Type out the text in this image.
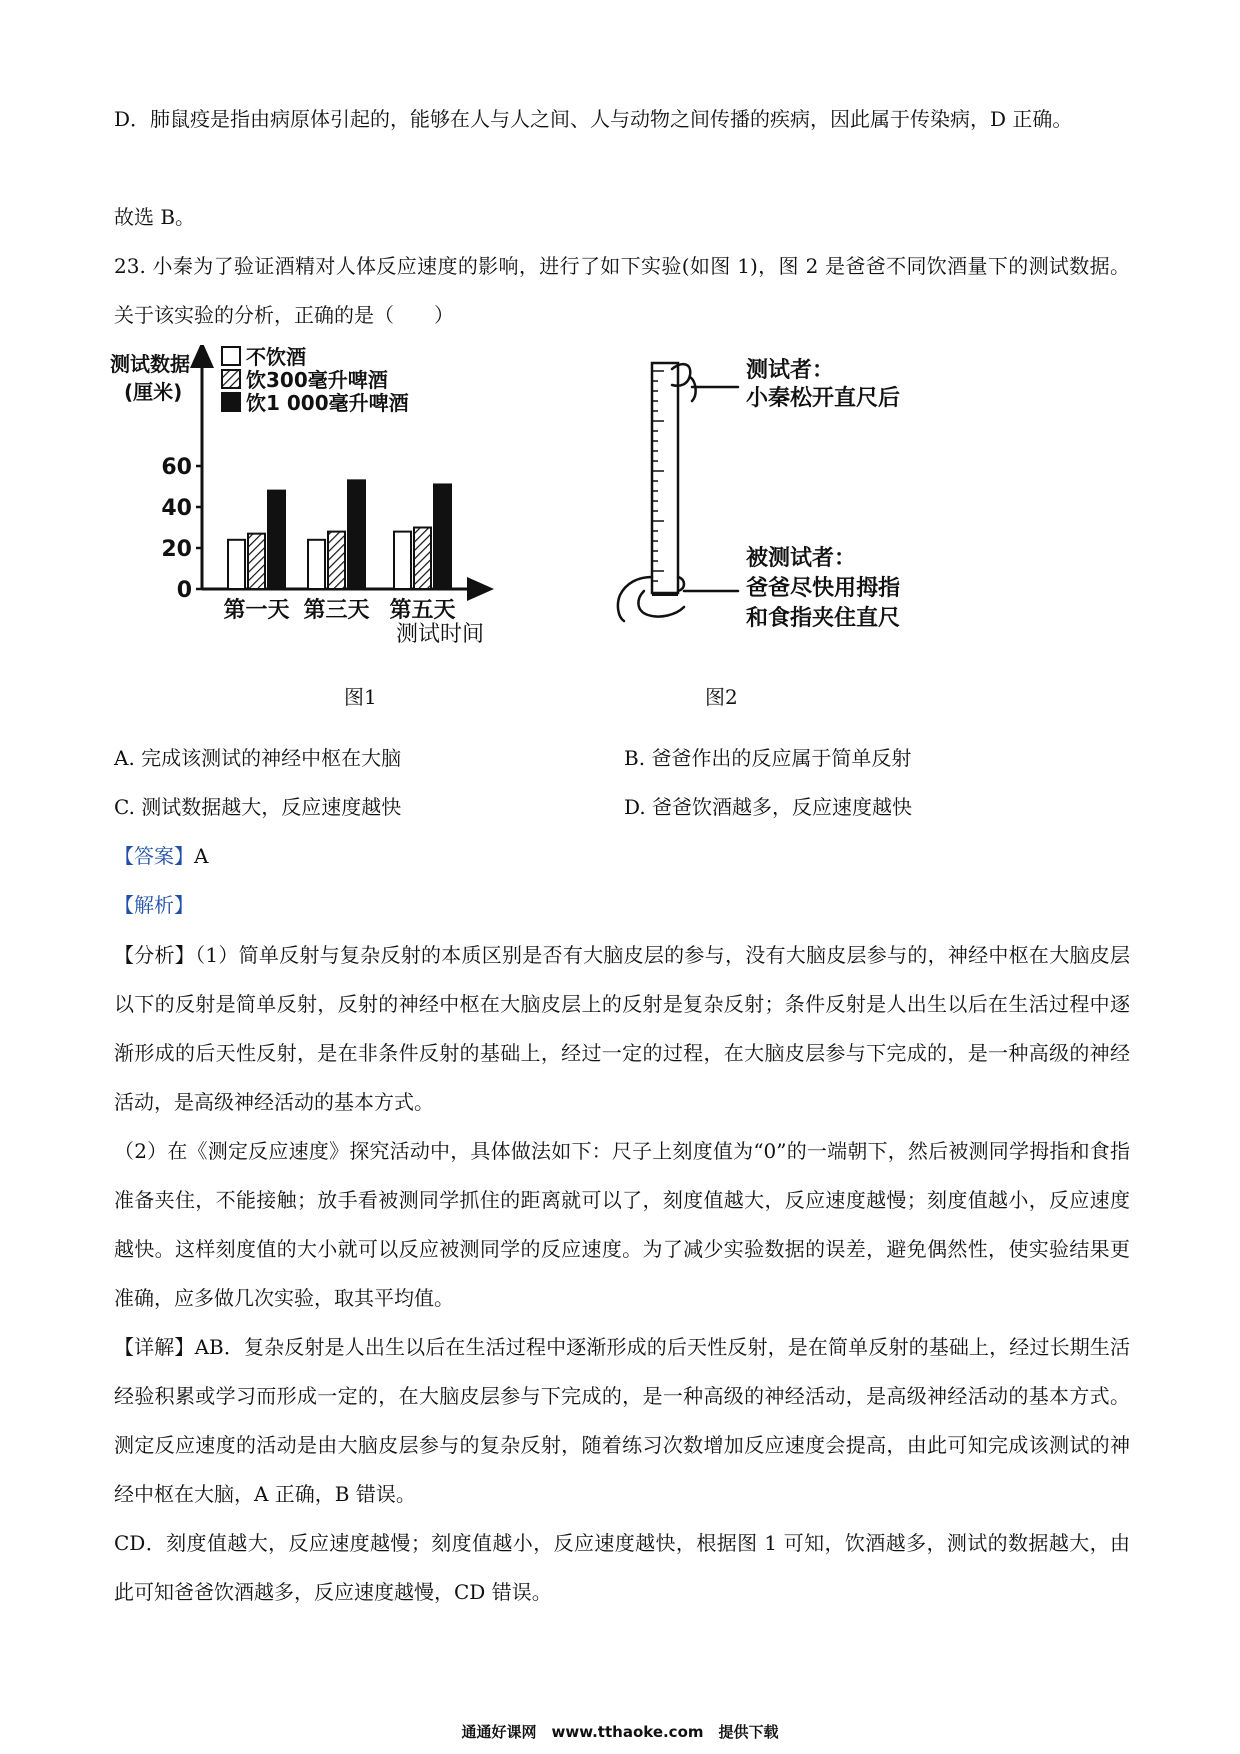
D．肺鼠疫是指由病原体引起的，能够在人与人之间、人与动物之间传播的疾病，因此属于传染病，D 正确。

故选 B。

23. 小秦为了验证酒精对人体反应速度的影响，进行了如下实验(如图 1)，图 2 是爸爸不同饮酒量下的测试数据。关于该实验的分析，正确的是（　　）

测试数据
(厘米)
0
20
40
60
第一天 第三天 第五天
测试时间
不饮酒
饮300毫升啤酒
饮1 000毫升啤酒
图1
测试者：
小秦松开直尺后
被测试者：
爸爸尽快用拇指
和食指夹住直尺
图2
A. 完成该测试的神经中枢在大脑	B. 爸爸作出的反应属于简单反射
C. 测试数据越大，反应速度越快	D. 爸爸饮酒越多，反应速度越快
【答案】A
【解析】

【分析】（1）简单反射与复杂反射的本质区别是否有大脑皮层的参与，没有大脑皮层参与的，神经中枢在大脑皮层以下的反射是简单反射，反射的神经中枢在大脑皮层上的反射是复杂反射；条件反射是人出生以后在生活过程中逐渐形成的后天性反射，是在非条件反射的基础上，经过一定的过程，在大脑皮层参与下完成的，是一种高级的神经活动，是高级神经活动的基本方式。

（2）在《测定反应速度》探究活动中，具体做法如下：尺子上刻度值为“0”的一端朝下，然后被测同学拇指和食指准备夹住，不能接触；放手看被测同学抓住的距离就可以了，刻度值越大，反应速度越慢；刻度值越小，反应速度越快。这样刻度值的大小就可以反应被测同学的反应速度。为了减少实验数据的误差，避免偶然性，使实验结果更准确，应多做几次实验，取其平均值。

【详解】AB．复杂反射是人出生以后在生活过程中逐渐形成的后天性反射，是在简单反射的基础上，经过长期生活经验积累或学习而形成一定的，在大脑皮层参与下完成的，是一种高级的神经活动，是高级神经活动的基本方式。测定反应速度的活动是由大脑皮层参与的复杂反射，随着练习次数增加反应速度会提高，由此可知完成该测试的神经中枢在大脑，A 正确，B 错误。

CD．刻度值越大，反应速度越慢；刻度值越小，反应速度越快，根据图 1 可知，饮酒越多，测试的数据越大，由此可知爸爸饮酒越多，反应速度越慢，CD 错误。

通通好课网　www.tthaoke.com　提供下载
